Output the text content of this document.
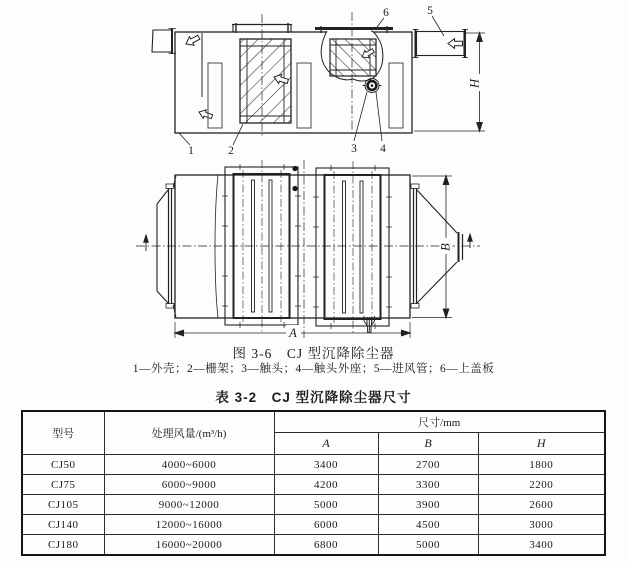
H
1	2	3 4
6	5
B
A
图 3-6　CJ 型沉降除尘器
1—外壳；2—栅架；3—触头；4—触头外座；5—进风管；6—上盖板
表 3-2　CJ 型沉降除尘器尺寸
型号	处理风量/(m³/h)	尺寸/mm		
		A	B	H
CJ50	4000~6000	3400	2700	1800
CJ75	6000~9000	4200	3300	2200
CJ105	9000~12000	5000	3900	2600
CJ140	12000~16000	6000	4500	3000
CJ180	16000~20000	6800	5000	3400
